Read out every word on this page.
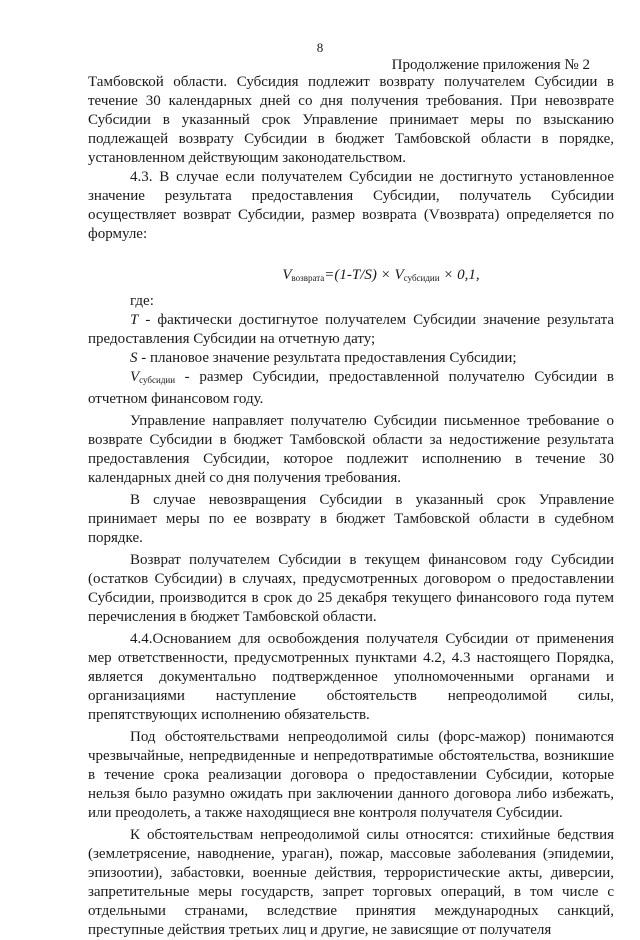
8
Продолжение приложения № 2

Тамбовской области. Субсидия подлежит возврату получателем Субсидии в течение 30 календарных дней со дня получения требования. При невозврате Субсидии в указанный срок Управление принимает меры по взысканию подлежащей возврату Субсидии в бюджет Тамбовской области в порядке, установленном действующим законодательством.

4.3. В случае если получателем Субсидии не достигнуто установленное значение результата предоставления Субсидии, получатель Субсидии осуществляет возврат Субсидии, размер возврата (Vвозврата) определяется по формуле:

$V_{возврата}=(1-T/S) \times V_{субсидии} \times 0,1$,

где:

T - фактически достигнутое получателем Субсидии значение результата предоставления Субсидии на отчетную дату;

S - плановое значение результата предоставления Субсидии;

Vсубсидии - размер Субсидии, предоставленной получателю Субсидии в отчетном финансовом году.

Управление направляет получателю Субсидии письменное требование о возврате Субсидии в бюджет Тамбовской области за недостижение результата предоставления Субсидии, которое подлежит исполнению в течение 30 календарных дней со дня получения требования.

В случае невозвращения Субсидии в указанный срок Управление принимает меры по ее возврату в бюджет Тамбовской области в судебном порядке.

Возврат получателем Субсидии в текущем финансовом году Субсидии (остатков Субсидии) в случаях, предусмотренных договором о предоставлении Субсидии, производится в срок до 25 декабря текущего финансового года путем перечисления в бюджет Тамбовской области.

4.4.Основанием для освобождения получателя Субсидии от применения мер ответственности, предусмотренных пунктами 4.2, 4.3 настоящего Порядка, является документально подтвержденное уполномоченными органами и организациями наступление обстоятельств непреодолимой силы, препятствующих исполнению обязательств.

Под обстоятельствами непреодолимой силы (форс-мажор) понимаются чрезвычайные, непредвиденные и непредотвратимые обстоятельства, возникшие в течение срока реализации договора о предоставлении Субсидии, которые нельзя было разумно ожидать при заключении данного договора либо избежать, или преодолеть, а также находящиеся вне контроля получателя Субсидии.

К обстоятельствам непреодолимой силы относятся: стихийные бедствия (землетрясение, наводнение, ураган), пожар, массовые заболевания (эпидемии, эпизоотии), забастовки, военные действия, террористические акты, диверсии, запретительные меры государств, запрет торговых операций, в том числе с отдельными странами, вследствие принятия международных санкций, преступные действия третьих лиц и другие, не зависящие от получателя
